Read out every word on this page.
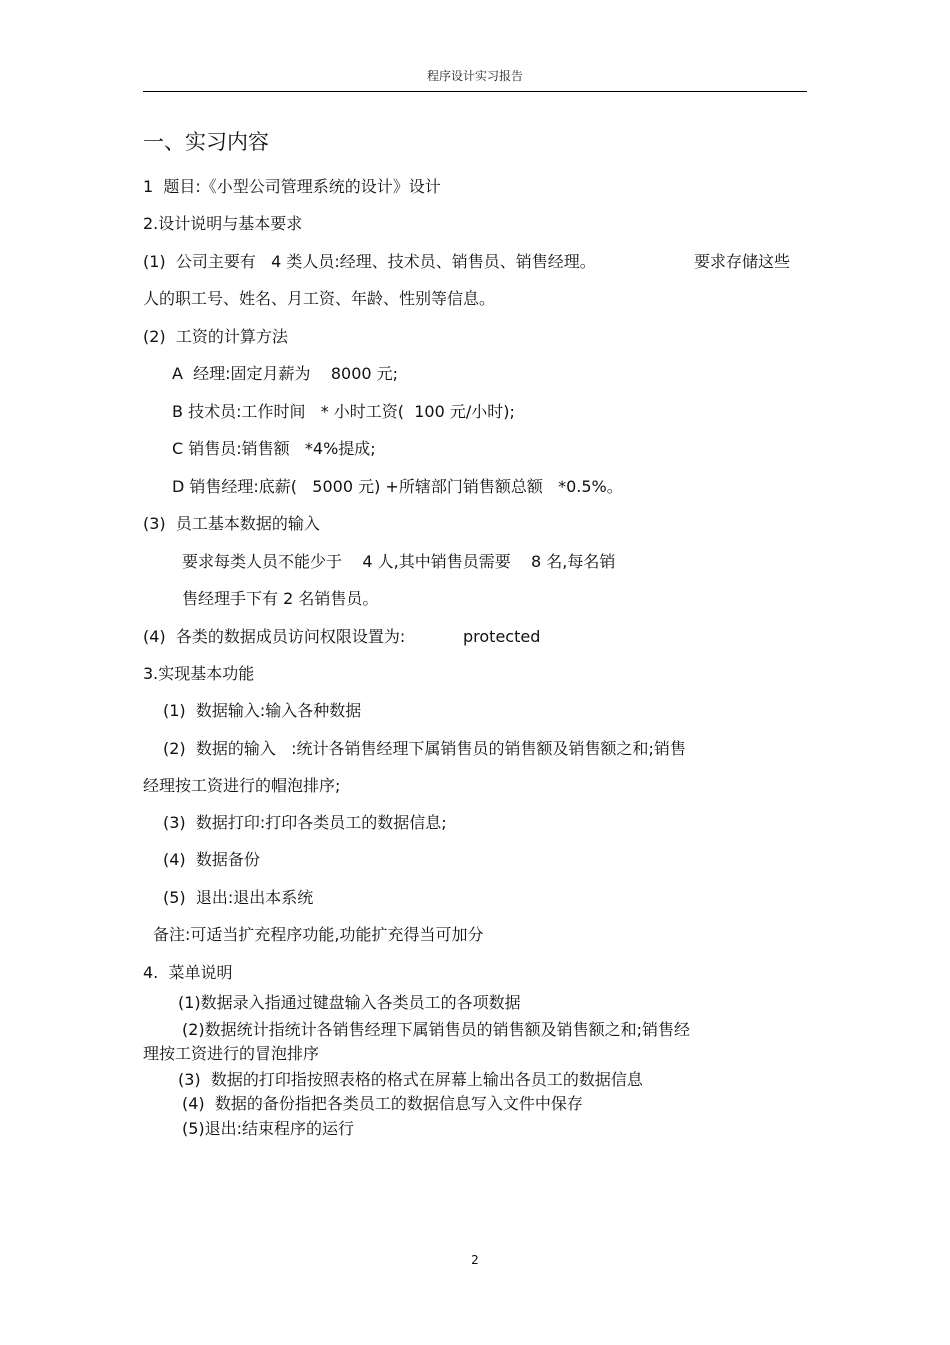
程序设计实习报告
一、实习内容
1  题目:《小型公司管理系统的设计》设计
2.设计说明与基本要求
(1)  公司主要有   4 类人员:经理、技术员、销售员、销售经理。	要求存储这些
人的职工号、姓名、月工资、年龄、性别等信息。
(2)  工资的计算方法
A  经理:固定月薪为    8000 元;
B 技术员:工作时间   * 小时工资(  100 元/小时);
C 销售员:销售额   *4%提成;
D 销售经理:底薪(   5000 元) +所辖部门销售额总额   *0.5%。
(3)  员工基本数据的输入
要求每类人员不能少于    4 人,其中销售员需要    8 名,每名销
售经理手下有 2 名销售员。
(4)  各类的数据成员访问权限设置为:	protected
3.实现基本功能
(1)  数据输入:输入各种数据
(2)  数据的输入   :统计各销售经理下属销售员的销售额及销售额之和;销售
经理按工资进行的帽泡排序;
(3)  数据打印:打印各类员工的数据信息;
(4)  数据备份
(5)  退出:退出本系统
备注:可适当扩充程序功能,功能扩充得当可加分
4.  菜单说明
(1)数据录入指通过键盘输入各类员工的各项数据
(2)数据统计指统计各销售经理下属销售员的销售额及销售额之和;销售经
理按工资进行的冒泡排序
(3)  数据的打印指按照表格的格式在屏幕上输出各员工的数据信息
(4)  数据的备份指把各类员工的数据信息写入文件中保存
(5)退出:结束程序的运行
2
